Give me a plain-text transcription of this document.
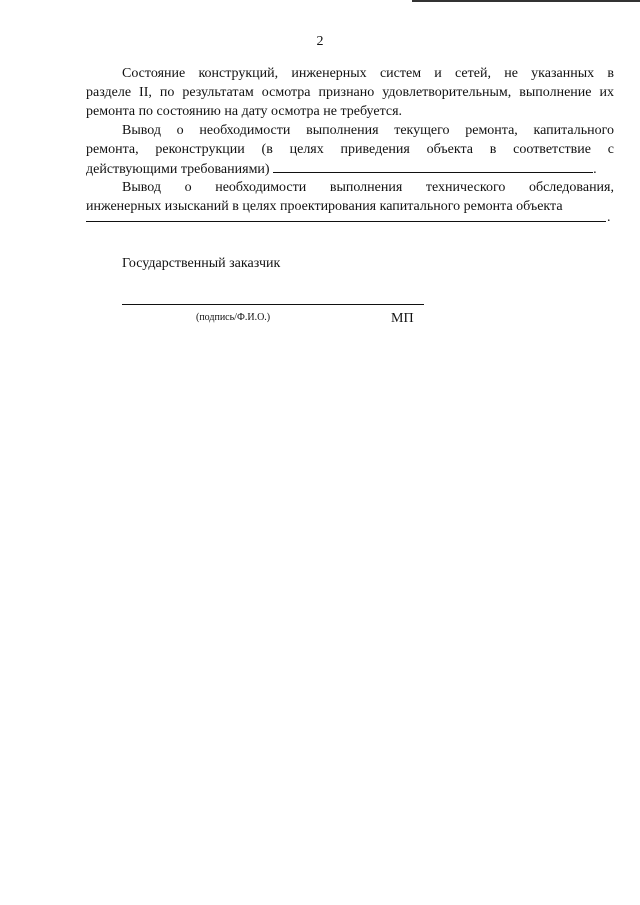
2
Состояние конструкций, инженерных систем и сетей, не указанных в
разделе II, по результатам осмотра признано удовлетворительным, выполнение их
ремонта по состоянию на дату осмотра не требуется.
Вывод о необходимости выполнения текущего ремонта, капитального
ремонта, реконструкции (в целях приведения объекта в соответствие с
действующими требованиями)	.
Вывод о необходимости выполнения технического обследования,
инженерных изысканий в целях проектирования капитального ремонта объекта
.
Государственный заказчик
(подпись/Ф.И.О.)	МП
